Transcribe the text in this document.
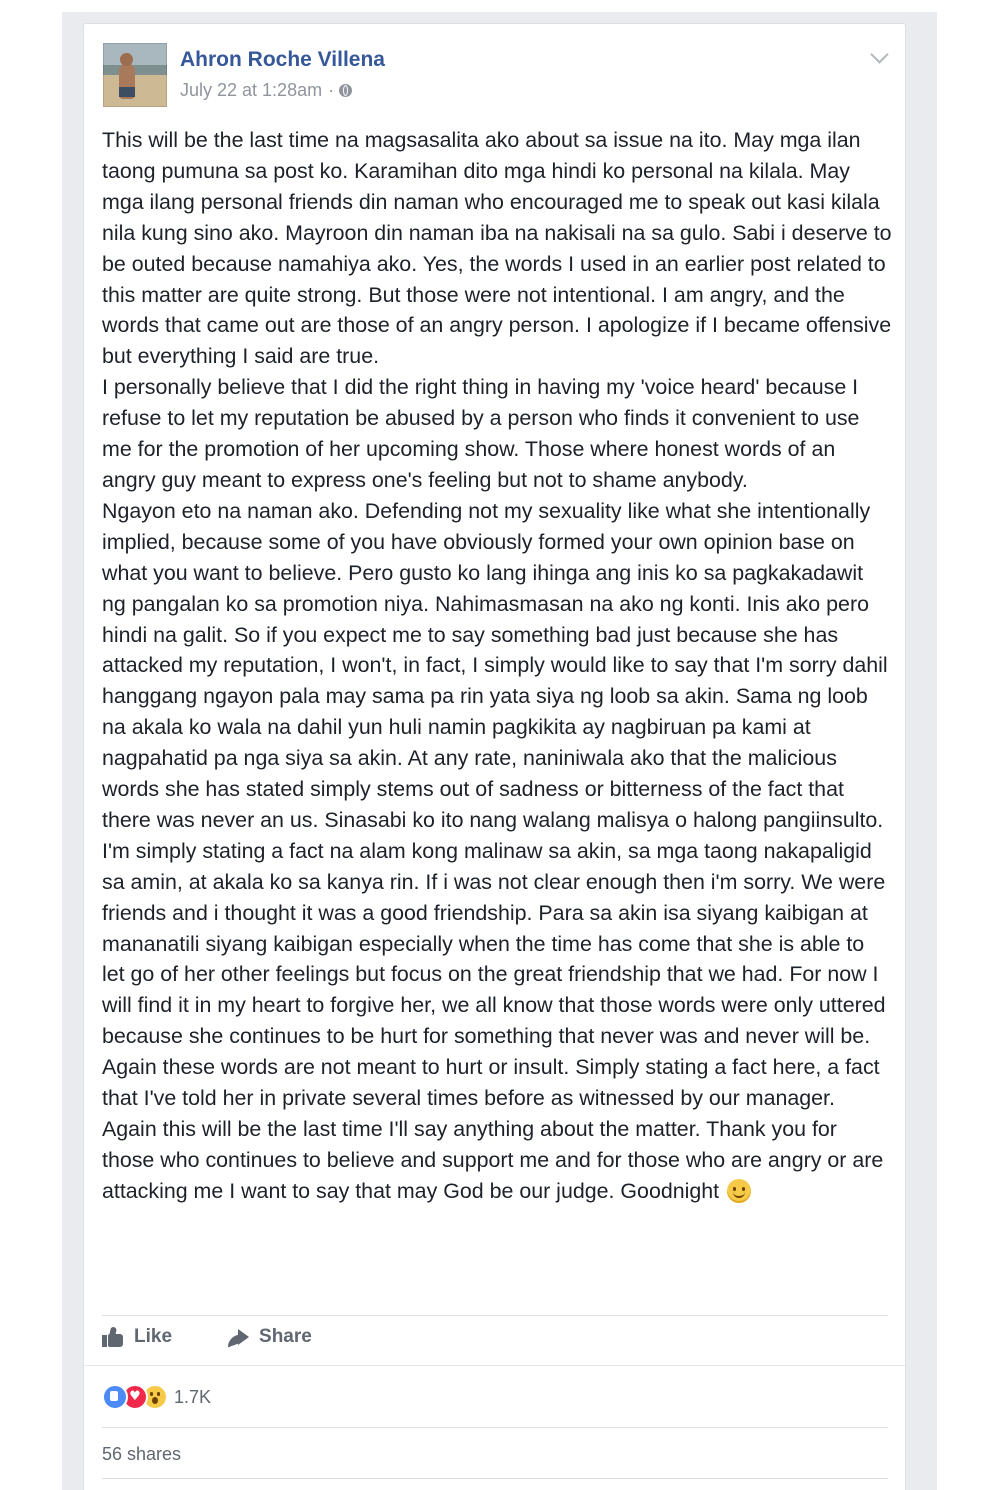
Ahron Roche Villena
July 22 at 1:28am ·

This will be the last time na magsasalita ako about sa issue na ito. May mga ilan taong pumuna sa post ko. Karamihan dito mga hindi ko personal na kilala. May mga ilang personal friends din naman who encouraged me to speak out kasi kilala nila kung sino ako. Mayroon din naman iba na nakisali na sa gulo. Sabi i deserve to be outed because namahiya ako. Yes, the words I used in an earlier post related to this matter are quite strong. But those were not intentional. I am angry, and the words that came out are those of an angry person. I apologize if I became offensive but everything I said are true.

I personally believe that I did the right thing in having my 'voice heard' because I refuse to let my reputation be abused by a person who finds it convenient to use me for the promotion of her upcoming show. Those where honest words of an angry guy meant to express one's feeling but not to shame anybody.

Ngayon eto na naman ako. Defending not my sexuality like what she intentionally implied, because some of you have obviously formed your own opinion base on what you want to believe. Pero gusto ko lang ihinga ang inis ko sa pagkakadawit ng pangalan ko sa promotion niya. Nahimasmasan na ako ng konti. Inis ako pero hindi na galit. So if you expect me to say something bad just because she has attacked my reputation, I won't, in fact, I simply would like to say that I'm sorry dahil hanggang ngayon pala may sama pa rin yata siya ng loob sa akin. Sama ng loob na akala ko wala na dahil yun huli namin pagkikita ay nagbiruan pa kami at nagpahatid pa nga siya sa akin. At any rate, naniniwala ako that the malicious words she has stated simply stems out of sadness or bitterness of the fact that there was never an us. Sinasabi ko ito nang walang malisya o halong pangiinsulto. I'm simply stating a fact na alam kong malinaw sa akin, sa mga taong nakapaligid sa amin, at akala ko sa kanya rin. If i was not clear enough then i'm sorry. We were friends and i thought it was a good friendship. Para sa akin isa siyang kaibigan at mananatili siyang kaibigan especially when the time has come that she is able to let go of her other feelings but focus on the great friendship that we had. For now I will find it in my heart to forgive her, we all know that those words were only uttered because she continues to be hurt for something that never was and never will be. Again these words are not meant to hurt or insult. Simply stating a fact here, a fact that I've told her in private several times before as witnessed by our manager. Again this will be the last time I'll say anything about the matter. Thank you for those who continues to believe and support me and for those who are angry or are attacking me I want to say that may God be our judge. Goodnight

Like	Share
♥
1.7K
56 shares
